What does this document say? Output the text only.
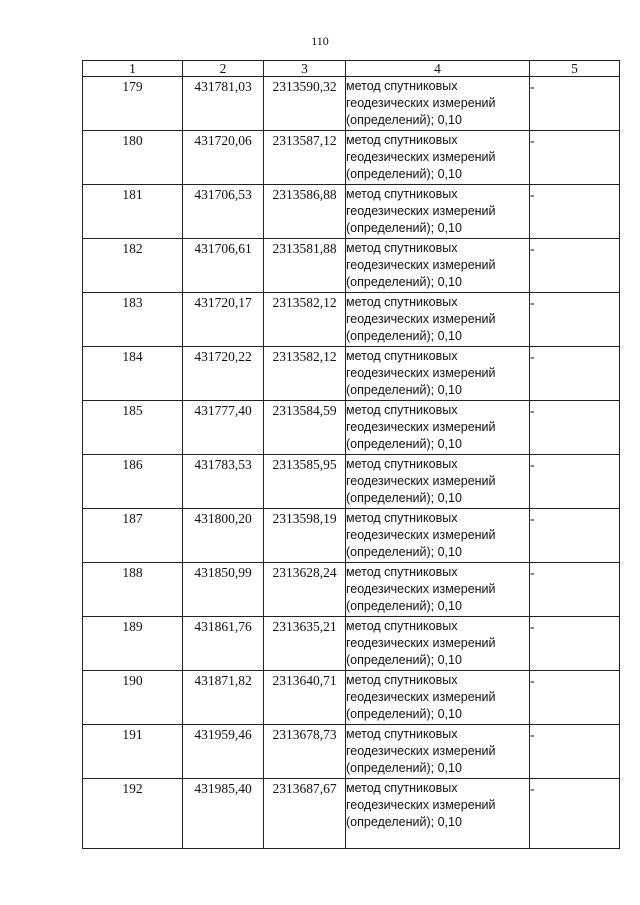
110
1	2	3	4	5
179	431781,03	2313590,32	метод спутниковых геодезических измерений (определений); 0,10	-
180	431720,06	2313587,12	метод спутниковых геодезических измерений (определений); 0,10	-
181	431706,53	2313586,88	метод спутниковых геодезических измерений (определений); 0,10	-
182	431706,61	2313581,88	метод спутниковых геодезических измерений (определений); 0,10	-
183	431720,17	2313582,12	метод спутниковых геодезических измерений (определений); 0,10	-
184	431720,22	2313582,12	метод спутниковых геодезических измерений (определений); 0,10	-
185	431777,40	2313584,59	метод спутниковых геодезических измерений (определений); 0,10	-
186	431783,53	2313585,95	метод спутниковых геодезических измерений (определений); 0,10	-
187	431800,20	2313598,19	метод спутниковых геодезических измерений (определений); 0,10	-
188	431850,99	2313628,24	метод спутниковых геодезических измерений (определений); 0,10	-
189	431861,76	2313635,21	метод спутниковых геодезических измерений (определений); 0,10	-
190	431871,82	2313640,71	метод спутниковых геодезических измерений (определений); 0,10	-
191	431959,46	2313678,73	метод спутниковых геодезических измерений (определений); 0,10	-
192	431985,40	2313687,67	метод спутниковых геодезических измерений (определений); 0,10	-
